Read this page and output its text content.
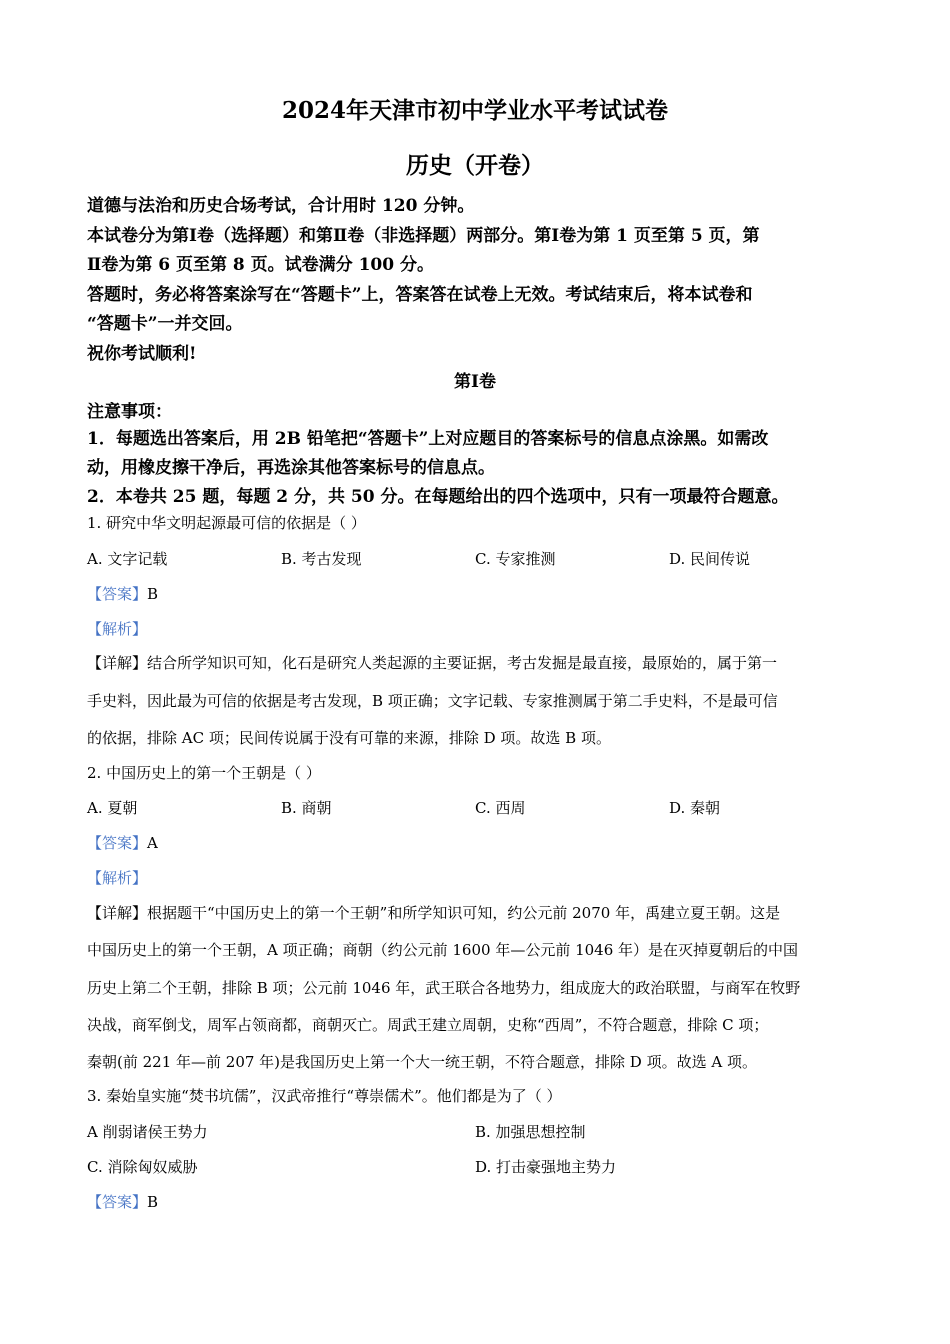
2024年天津市初中学业水平考试试卷
历史（开卷）
道德与法治和历史合场考试，合计用时 120 分钟。
本试卷分为第Ⅰ卷（选择题）和第Ⅱ卷（非选择题）两部分。第Ⅰ卷为第 1 页至第 5 页，第
Ⅱ卷为第 6 页至第 8 页。试卷满分 100 分。
答题时，务必将答案涂写在“答题卡”上，答案答在试卷上无效。考试结束后，将本试卷和
“答题卡”一并交回。
祝你考试顺利!
第Ⅰ卷
注意事项：
1．每题选出答案后，用 2B 铅笔把“答题卡”上对应题目的答案标号的信息点涂黑。如需改
动，用橡皮擦干净后，再选涂其他答案标号的信息点。
2．本卷共 25 题，每题 2 分，共 50 分。在每题给出的四个选项中，只有一项最符合题意。
1. 研究中华文明起源最可信的依据是（ ）
A. 文字记载	B. 考古发现	C. 专家推测	D. 民间传说
【答案】B
【解析】
【详解】结合所学知识可知，化石是研究人类起源的主要证据，考古发掘是最直接，最原始的，属于第一
手史料，因此最为可信的依据是考古发现，B 项正确；文字记载、专家推测属于第二手史料，不是最可信
的依据，排除 AC 项；民间传说属于没有可靠的来源，排除 D 项。故选 B 项。
2. 中国历史上的第一个王朝是（ ）
A. 夏朝	B. 商朝	C. 西周	D. 秦朝
【答案】A
【解析】
【详解】根据题干“中国历史上的第一个王朝”和所学知识可知，约公元前 2070 年，禹建立夏王朝。这是
中国历史上的第一个王朝，A 项正确；商朝（约公元前 1600 年—公元前 1046 年）是在灭掉夏朝后的中国
历史上第二个王朝，排除 B 项；公元前 1046 年，武王联合各地势力，组成庞大的政治联盟，与商军在牧野
决战，商军倒戈，周军占领商都，商朝灭亡。周武王建立周朝，史称“西周”，不符合题意，排除 C 项；
秦朝(前 221 年—前 207 年)是我国历史上第一个大一统王朝，不符合题意，排除 D 项。故选 A 项。
3. 秦始皇实施“焚书坑儒”，汉武帝推行“尊崇儒术”。他们都是为了（ ）
A 削弱诸侯王势力	B. 加强思想控制
C. 消除匈奴威胁	D. 打击豪强地主势力
【答案】B
